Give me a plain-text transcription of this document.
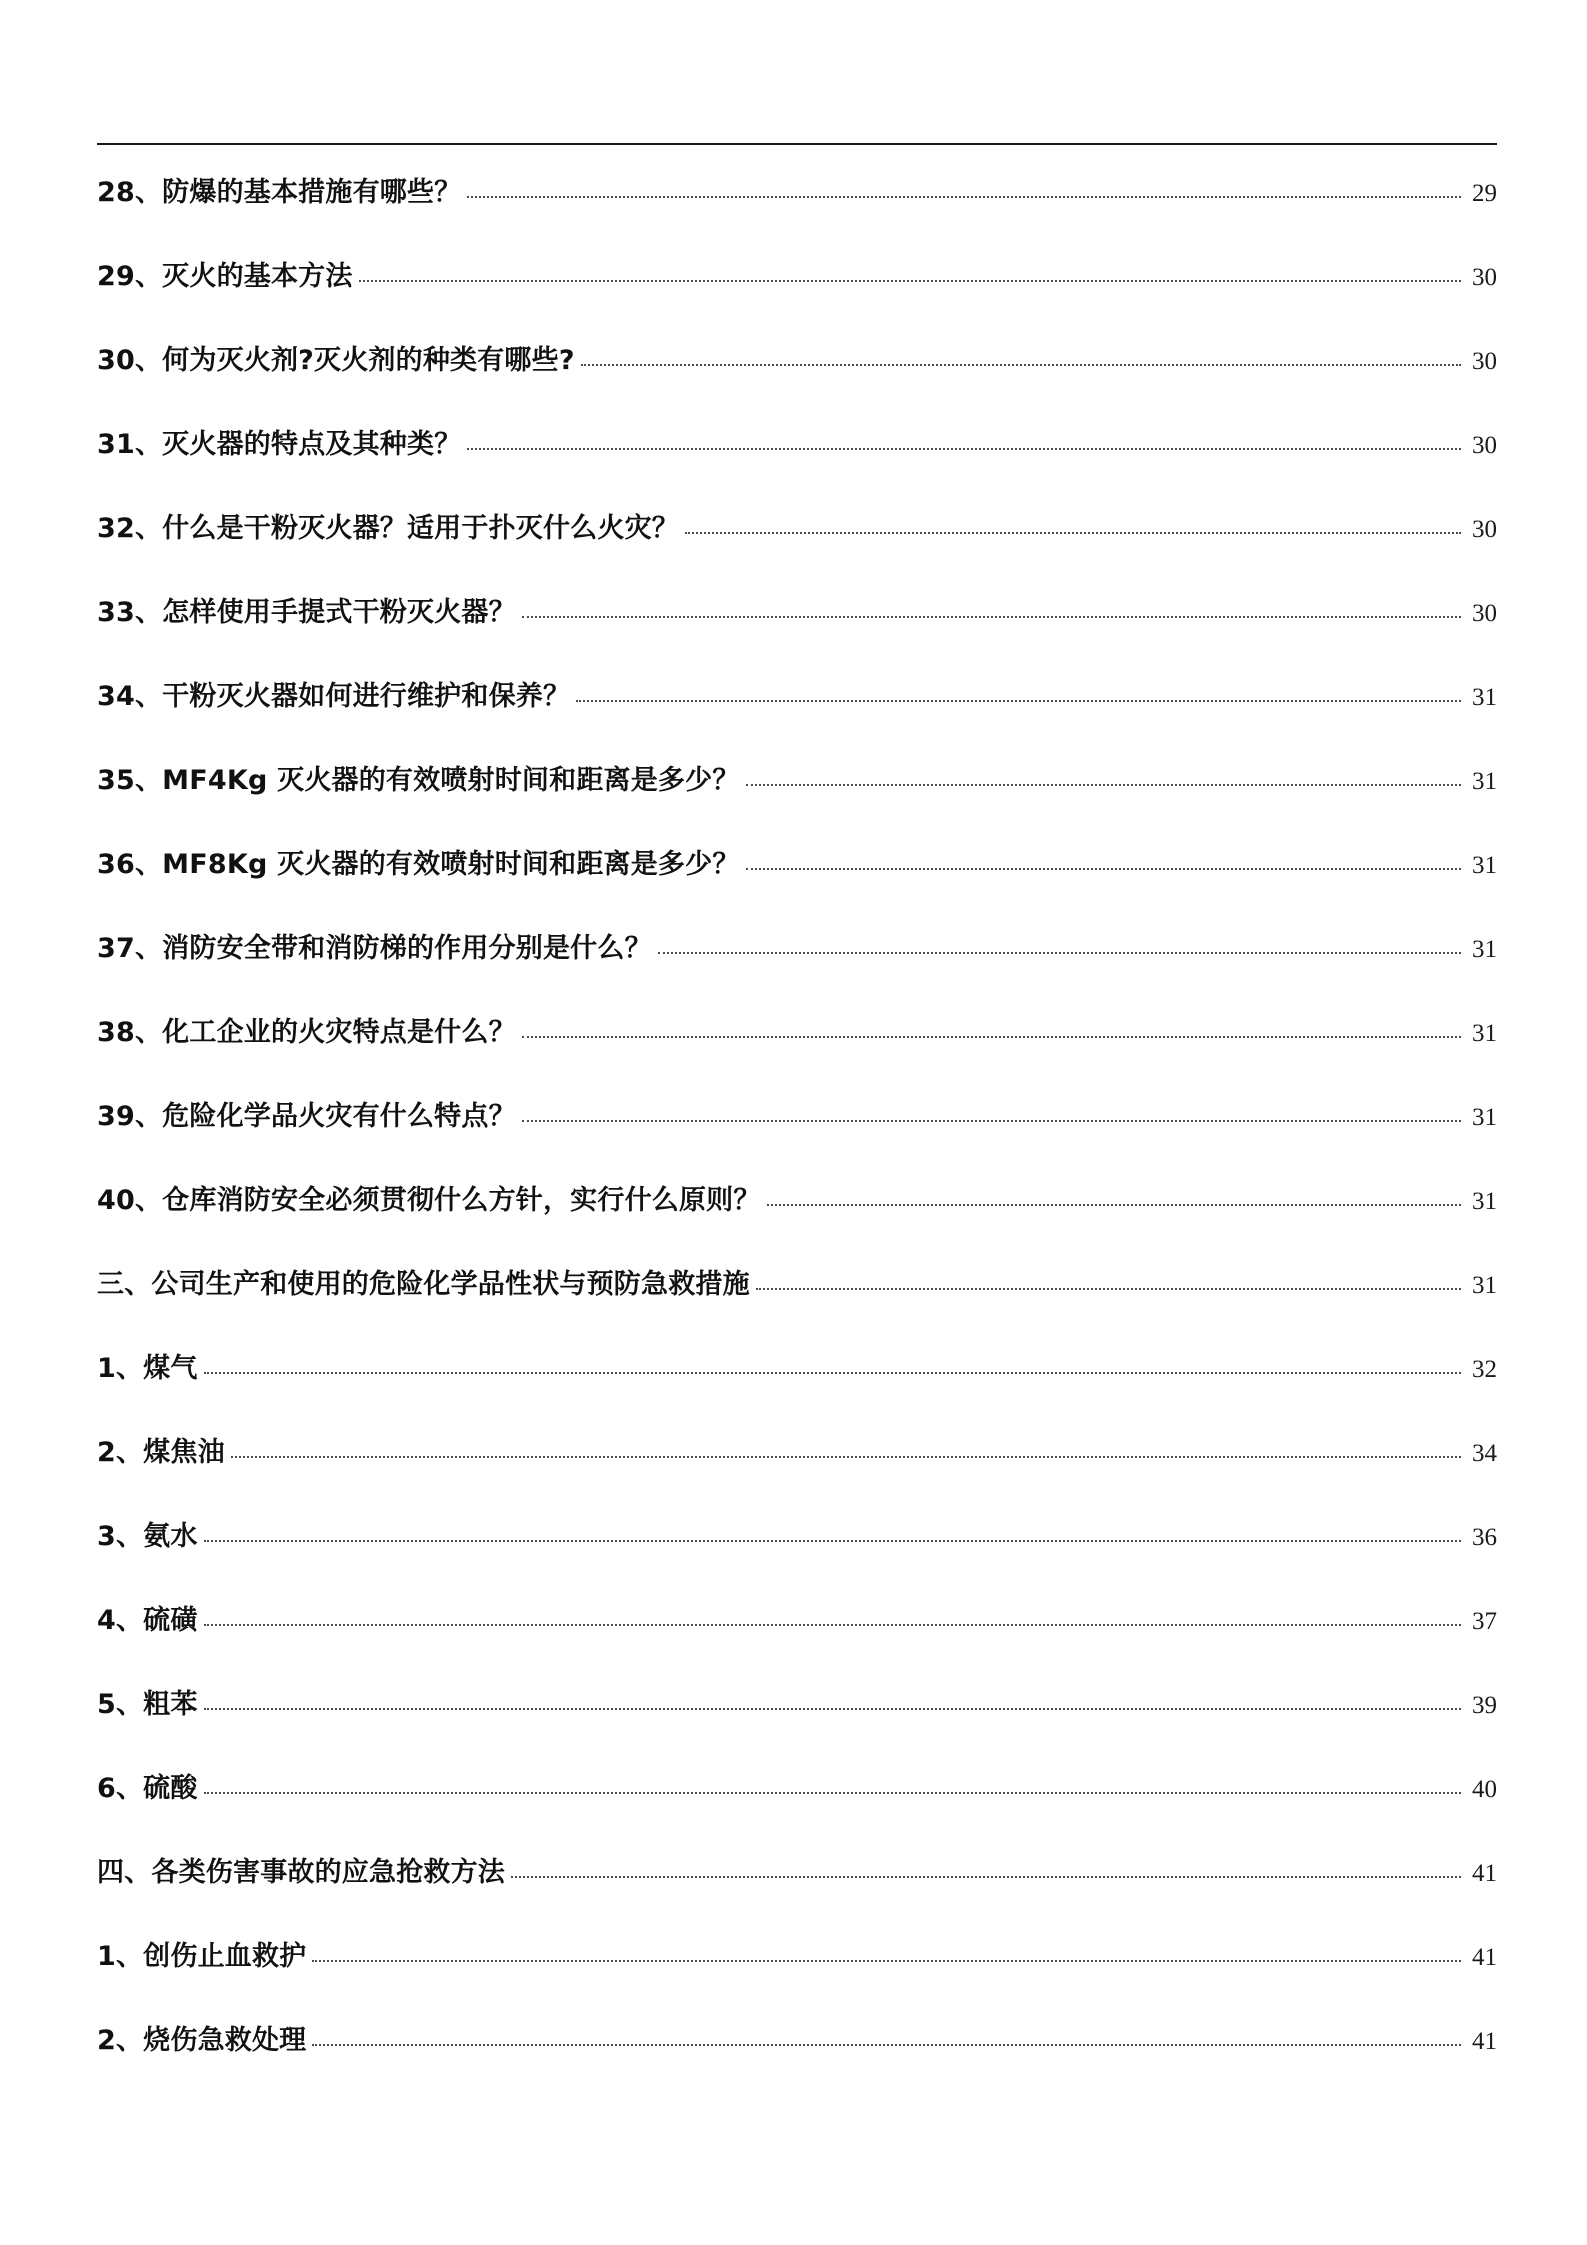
28、防爆的基本措施有哪些？	29
29、灭火的基本方法	30
30、何为灭火剂?灭火剂的种类有哪些?	30
31、灭火器的特点及其种类？	30
32、什么是干粉灭火器？适用于扑灭什么火灾？	30
33、怎样使用手提式干粉灭火器？	30
34、干粉灭火器如何进行维护和保养？	31
35、MF4Kg 灭火器的有效喷射时间和距离是多少？	31
36、MF8Kg 灭火器的有效喷射时间和距离是多少？	31
37、消防安全带和消防梯的作用分别是什么？	31
38、化工企业的火灾特点是什么？	31
39、危险化学品火灾有什么特点？	31
40、仓库消防安全必须贯彻什么方针，实行什么原则？	31
三、公司生产和使用的危险化学品性状与预防急救措施	31
1、煤气	32
2、煤焦油	34
3、氨水	36
4、硫磺	37
5、粗苯	39
6、硫酸	40
四、各类伤害事故的应急抢救方法	41
1、创伤止血救护	41
2、烧伤急救处理	41
